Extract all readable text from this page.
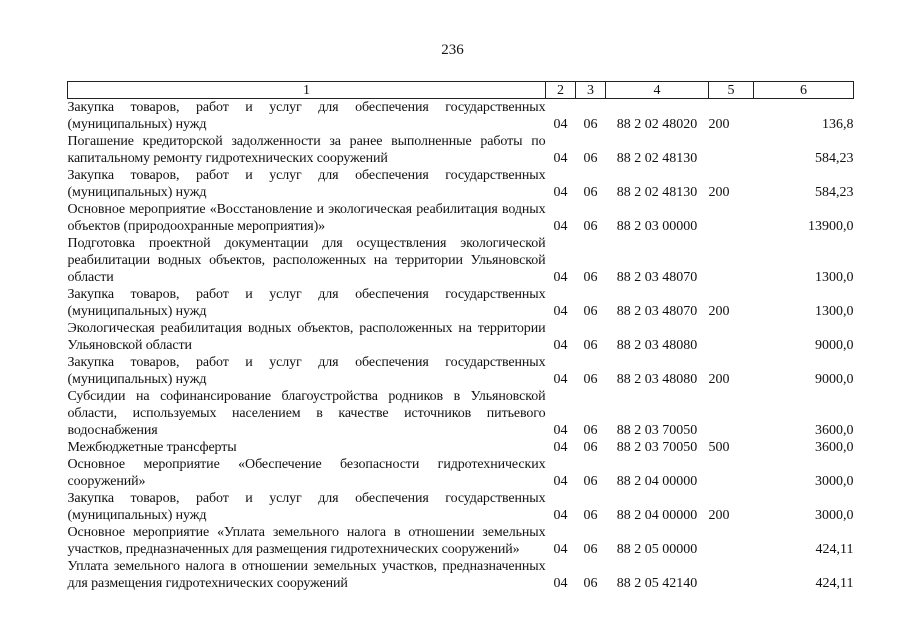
236
1	2	3	4	5	6
Закупка товаров, работ и услуг для обеспечения государственных (муниципальных) нужд	04	06	88 2 02 48020	200	136,8
Погашение кредиторской задолженности за ранее выполненные работы по капитальному ремонту гидротехнических сооружений	04	06	88 2 02 48130		584,23
Закупка товаров, работ и услуг для обеспечения государственных (муниципальных) нужд	04	06	88 2 02 48130	200	584,23
Основное мероприятие «Восстановление и экологическая реабилитация водных объектов (природоохранные мероприятия)»	04	06	88 2 03 00000		13900,0
Подготовка проектной документации для осуществления экологической реабилитации водных объектов, расположенных на территории Ульяновской области	04	06	88 2 03 48070		1300,0
Закупка товаров, работ и услуг для обеспечения государственных (муниципальных) нужд	04	06	88 2 03 48070	200	1300,0
Экологическая реабилитация водных объектов, расположенных на территории Ульяновской области	04	06	88 2 03 48080		9000,0
Закупка товаров, работ и услуг для обеспечения государственных (муниципальных) нужд	04	06	88 2 03 48080	200	9000,0
Субсидии на софинансирование благоустройства родников в Ульяновской области, используемых населением в качестве источников питьевого водоснабжения	04	06	88 2 03 70050		3600,0
Межбюджетные трансферты	04	06	88 2 03 70050	500	3600,0
Основное мероприятие «Обеспечение безопасности гидротехнических сооружений»	04	06	88 2 04 00000		3000,0
Закупка товаров, работ и услуг для обеспечения государственных (муниципальных) нужд	04	06	88 2 04 00000	200	3000,0
Основное мероприятие «Уплата земельного налога в отношении земельных участков, предназначенных для размещения гидротехнических сооружений»	04	06	88 2 05 00000		424,11
Уплата земельного налога в отношении земельных участков, предназначенных для размещения гидротехнических сооружений	04	06	88 2 05 42140		424,11
